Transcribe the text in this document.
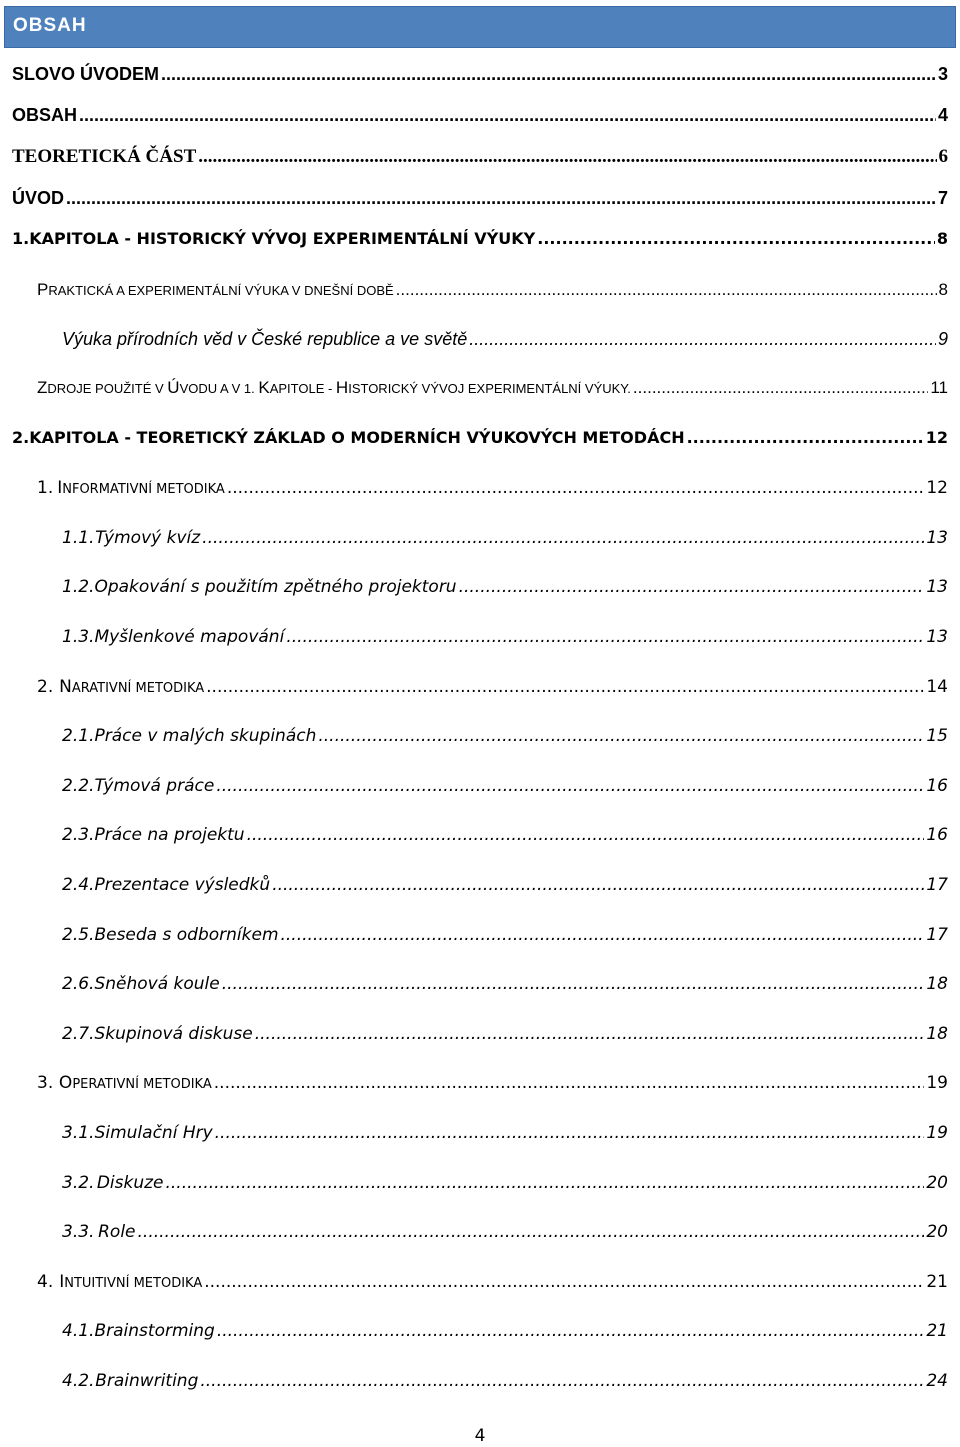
OBSAH
SLOVO ÚVODEM .....	3
OBSAH .....	4
TEORETICKÁ ČÁST .....	6
ÚVOD .....	7
1. KAPITOLA - HISTORICKÝ VÝVOJ EXPERIMENTÁLNÍ VÝUKY .....	8
PRAKTICKÁ A EXPERIMENTÁLNÍ VÝUKA V DNEŠNÍ DOBĚ .....	8
Výuka přírodních věd v České republice a ve světě .....	9
ZDROJE POUŽITÉ V ÚVODU A V 1. KAPITOLE - HISTORICKÝ VÝVOJ EXPERIMENTÁLNÍ VÝUKY. .....	11
2. KAPITOLA - TEORETICKÝ ZÁKLAD O MODERNÍCH VÝUKOVÝCH METODÁCH .....	12
1. INFORMATIVNÍ METODIKA .....	12
1.1. Týmový kvíz .....	13
1.2. Opakování s použitím zpětného projektoru .....	13
1.3. Myšlenkové mapování .....	13
2. NARATIVNÍ METODIKA .....	14
2.1. Práce v malých skupinách .....	15
2.2. Týmová práce .....	16
2.3. Práce na projektu .....	16
2.4. Prezentace výsledků .....	17
2.5. Beseda s odborníkem .....	17
2.6. Sněhová koule .....	18
2.7. Skupinová diskuse .....	18
3. OPERATIVNÍ METODIKA .....	19
3.1. Simulační Hry .....	19
3.2. Diskuze .....	20
3.3. Role .....	20
4. INTUITIVNÍ METODIKA .....	21
4.1. Brainstorming .....	21
4.2. Brainwriting .....	24
4
